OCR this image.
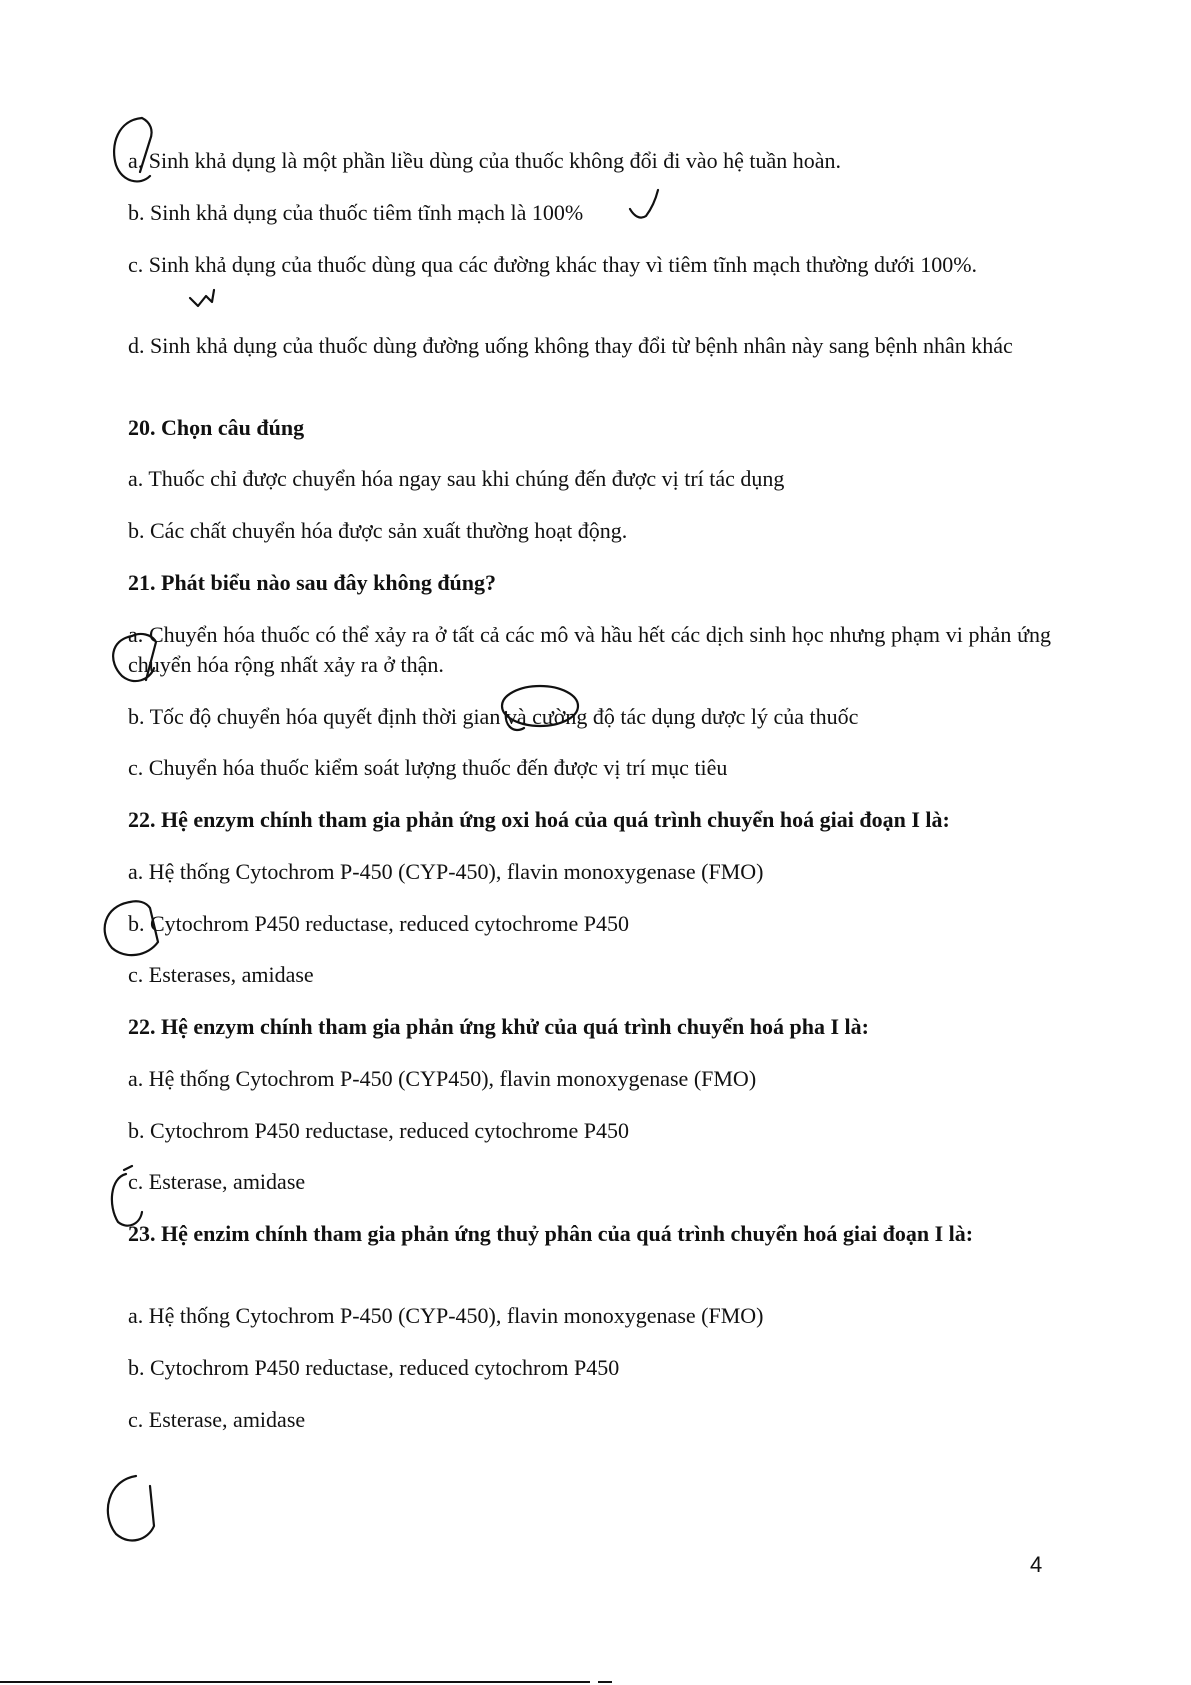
a. Sinh khả dụng là một phần liều dùng của thuốc không đổi đi vào hệ tuần hoàn.
b. Sinh khả dụng của thuốc tiêm tĩnh mạch là 100%
c. Sinh khả dụng của thuốc dùng qua các đường khác thay vì tiêm tĩnh mạch thường dưới 100%.
d. Sinh khả dụng của thuốc dùng đường uống không thay đổi từ bệnh nhân này sang bệnh nhân khác
20. Chọn câu đúng
a. Thuốc chỉ được chuyển hóa ngay sau khi chúng đến được vị trí tác dụng
b. Các chất chuyển hóa được sản xuất thường hoạt động.
21. Phát biểu nào sau đây không đúng?
a. Chuyển hóa thuốc có thể xảy ra ở tất cả các mô và hầu hết các dịch sinh học nhưng phạm vi phản ứng chuyển hóa rộng nhất xảy ra ở thận.
b. Tốc độ chuyển hóa quyết định thời gian và cường độ tác dụng dược lý của thuốc
c. Chuyển hóa thuốc kiểm soát lượng thuốc đến được vị trí mục tiêu
22. Hệ enzym chính tham gia phản ứng oxi hoá của quá trình chuyển hoá giai đoạn I là:
a. Hệ thống Cytochrom P-450 (CYP-450), flavin monoxygenase (FMO)
b. Cytochrom P450 reductase, reduced cytochrome P450
c. Esterases, amidase
22. Hệ enzym chính tham gia phản ứng khử của quá trình chuyển hoá pha I là:
a. Hệ thống Cytochrom P-450 (CYP450), flavin monoxygenase (FMO)
b. Cytochrom P450 reductase, reduced cytochrome P450
c. Esterase, amidase
23. Hệ enzim chính tham gia phản ứng thuỷ phân của quá trình chuyển hoá giai đoạn I là:
a. Hệ thống Cytochrom P-450 (CYP-450), flavin monoxygenase (FMO)
b. Cytochrom P450 reductase, reduced cytochrom P450
c. Esterase, amidase
4
